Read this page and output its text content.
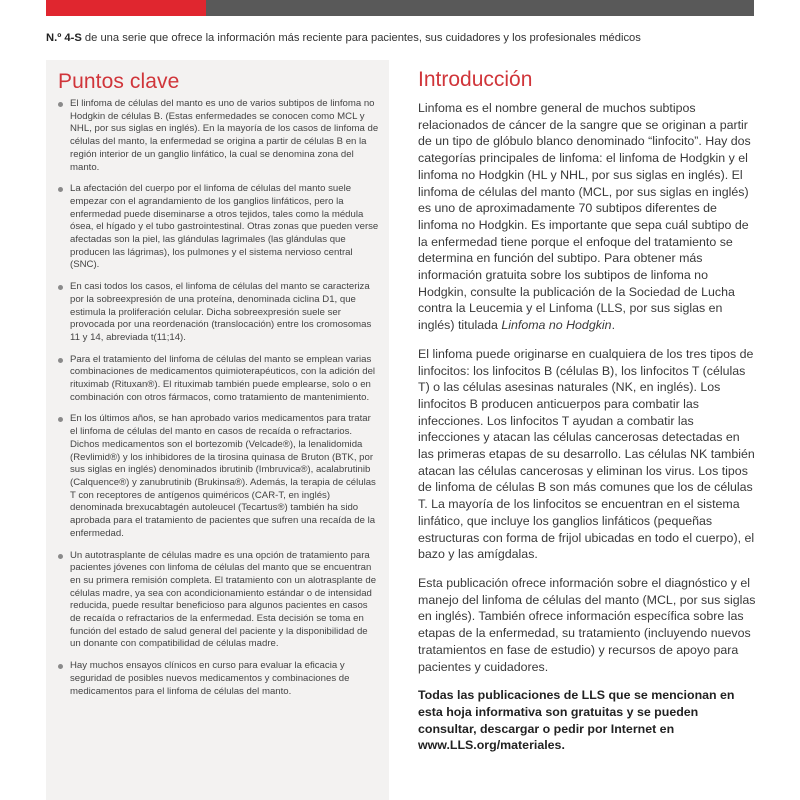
N.º 4-S de una serie que ofrece la información más reciente para pacientes, sus cuidadores y los profesionales médicos
Puntos clave
El linfoma de células del manto es uno de varios subtipos de linfoma no Hodgkin de células B. (Estas enfermedades se conocen como MCL y NHL, por sus siglas en inglés). En la mayoría de los casos de linfoma de células del manto, la enfermedad se origina a partir de células B en la región interior de un ganglio linfático, la cual se denomina zona del manto.
La afectación del cuerpo por el linfoma de células del manto suele empezar con el agrandamiento de los ganglios linfáticos, pero la enfermedad puede diseminarse a otros tejidos, tales como la médula ósea, el hígado y el tubo gastrointestinal. Otras zonas que pueden verse afectadas son la piel, las glándulas lagrimales (las glándulas que producen las lágrimas), los pulmones y el sistema nervioso central (SNC).
En casi todos los casos, el linfoma de células del manto se caracteriza por la sobreexpresión de una proteína, denominada ciclina D1, que estimula la proliferación celular. Dicha sobreexpresión suele ser provocada por una reordenación (translocación) entre los cromosomas 11 y 14, abreviada t(11;14).
Para el tratamiento del linfoma de células del manto se emplean varias combinaciones de medicamentos quimioterapéuticos, con la adición del rituximab (Rituxan®). El rituximab también puede emplearse, solo o en combinación con otros fármacos, como tratamiento de mantenimiento.
En los últimos años, se han aprobado varios medicamentos para tratar el linfoma de células del manto en casos de recaída o refractarios. Dichos medicamentos son el bortezomib (Velcade®), la lenalidomida (Revlimid®) y los inhibidores de la tirosina quinasa de Bruton (BTK, por sus siglas en inglés) denominados ibrutinib (Imbruvica®), acalabrutinib (Calquence®) y zanubrutinib (Brukinsa®). Además, la terapia de células T con receptores de antígenos quiméricos (CAR-T, en inglés) denominada brexucabtagén autoleucel (Tecartus®) también ha sido aprobada para el tratamiento de pacientes que sufren una recaída de la enfermedad.
Un autotrasplante de células madre es una opción de tratamiento para pacientes jóvenes con linfoma de células del manto que se encuentran en su primera remisión completa. El tratamiento con un alotrasplante de células madre, ya sea con acondicionamiento estándar o de intensidad reducida, puede resultar beneficioso para algunos pacientes en casos de recaída o refractarios de la enfermedad. Esta decisión se toma en función del estado de salud general del paciente y la disponibilidad de un donante con compatibilidad de células madre.
Hay muchos ensayos clínicos en curso para evaluar la eficacia y seguridad de posibles nuevos medicamentos y combinaciones de medicamentos para el linfoma de células del manto.
Introducción

Linfoma es el nombre general de muchos subtipos relacionados de cáncer de la sangre que se originan a partir de un tipo de glóbulo blanco denominado “linfocito”. Hay dos categorías principales de linfoma: el linfoma de Hodgkin y el linfoma no Hodgkin (HL y NHL, por sus siglas en inglés). El linfoma de células del manto (MCL, por sus siglas en inglés) es uno de aproximadamente 70 subtipos diferentes de linfoma no Hodgkin. Es importante que sepa cuál subtipo de la enfermedad tiene porque el enfoque del tratamiento se determina en función del subtipo. Para obtener más información gratuita sobre los subtipos de linfoma no Hodgkin, consulte la publicación de la Sociedad de Lucha contra la Leucemia y el Linfoma (LLS, por sus siglas en inglés) titulada Linfoma no Hodgkin.

El linfoma puede originarse en cualquiera de los tres tipos de linfocitos: los linfocitos B (células B), los linfocitos T (células T) o las células asesinas naturales (NK, en inglés). Los linfocitos B producen anticuerpos para combatir las infecciones. Los linfocitos T ayudan a combatir las infecciones y atacan las células cancerosas detectadas en las primeras etapas de su desarrollo. Las células NK también atacan las células cancerosas y eliminan los virus. Los tipos de linfoma de células B son más comunes que los de células T. La mayoría de los linfocitos se encuentran en el sistema linfático, que incluye los ganglios linfáticos (pequeñas estructuras con forma de frijol ubicadas en todo el cuerpo), el bazo y las amígdalas.

Esta publicación ofrece información sobre el diagnóstico y el manejo del linfoma de células del manto (MCL, por sus siglas en inglés). También ofrece información específica sobre las etapas de la enfermedad, su tratamiento (incluyendo nuevos tratamientos en fase de estudio) y recursos de apoyo para pacientes y cuidadores.

Todas las publicaciones de LLS que se mencionan en esta hoja informativa son gratuitas y se pueden consultar, descargar o pedir por Internet en www.LLS.org/materiales.
